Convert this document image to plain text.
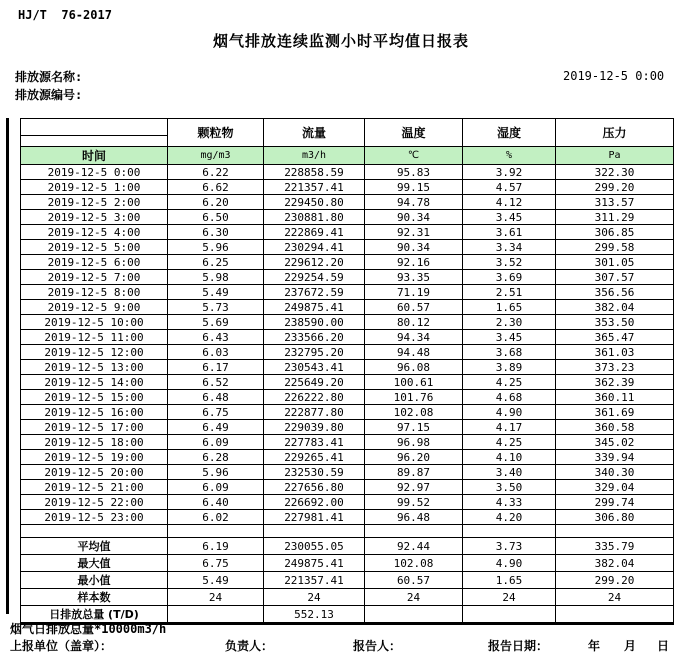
HJ/T  76-2017
烟气排放连续监测小时平均值日报表
排放源名称:
排放源编号:
2019-12-5 0:00
	颗粒物	流量	温度	湿度	压力

时间	mg/m3	m3/h	℃	%	Pa
2019-12-5 0:00	6.22	228858.59	95.83	3.92	322.30
2019-12-5 1:00	6.62	221357.41	99.15	4.57	299.20
2019-12-5 2:00	6.20	229450.80	94.78	4.12	313.57
2019-12-5 3:00	6.50	230881.80	90.34	3.45	311.29
2019-12-5 4:00	6.30	222869.41	92.31	3.61	306.85
2019-12-5 5:00	5.96	230294.41	90.34	3.34	299.58
2019-12-5 6:00	6.25	229612.20	92.16	3.52	301.05
2019-12-5 7:00	5.98	229254.59	93.35	3.69	307.57
2019-12-5 8:00	5.49	237672.59	71.19	2.51	356.56
2019-12-5 9:00	5.73	249875.41	60.57	1.65	382.04
2019-12-5 10:00	5.69	238590.00	80.12	2.30	353.50
2019-12-5 11:00	6.43	233566.20	94.34	3.45	365.47
2019-12-5 12:00	6.03	232795.20	94.48	3.68	361.03
2019-12-5 13:00	6.17	230543.41	96.08	3.89	373.23
2019-12-5 14:00	6.52	225649.20	100.61	4.25	362.39
2019-12-5 15:00	6.48	226222.80	101.76	4.68	360.11
2019-12-5 16:00	6.75	222877.80	102.08	4.90	361.69
2019-12-5 17:00	6.49	229039.80	97.15	4.17	360.58
2019-12-5 18:00	6.09	227783.41	96.98	4.25	345.02
2019-12-5 19:00	6.28	229265.41	96.20	4.10	339.94
2019-12-5 20:00	5.96	232530.59	89.87	3.40	340.30
2019-12-5 21:00	6.09	227656.80	92.97	3.50	329.04
2019-12-5 22:00	6.40	226692.00	99.52	4.33	299.74
2019-12-5 23:00	6.02	227981.41	96.48	4.20	306.80

平均值	6.19	230055.05	92.44	3.73	335.79
最大值	6.75	249875.41	102.08	4.90	382.04
最小值	5.49	221357.41	60.57	1.65	299.20
样本数	24	24	24	24	24
日排放总量 (T/D)		552.13			
烟气日排放总量*10000m3/h
上报单位（盖章）：	负责人：	报告人：	报告日期：	年 月 日
